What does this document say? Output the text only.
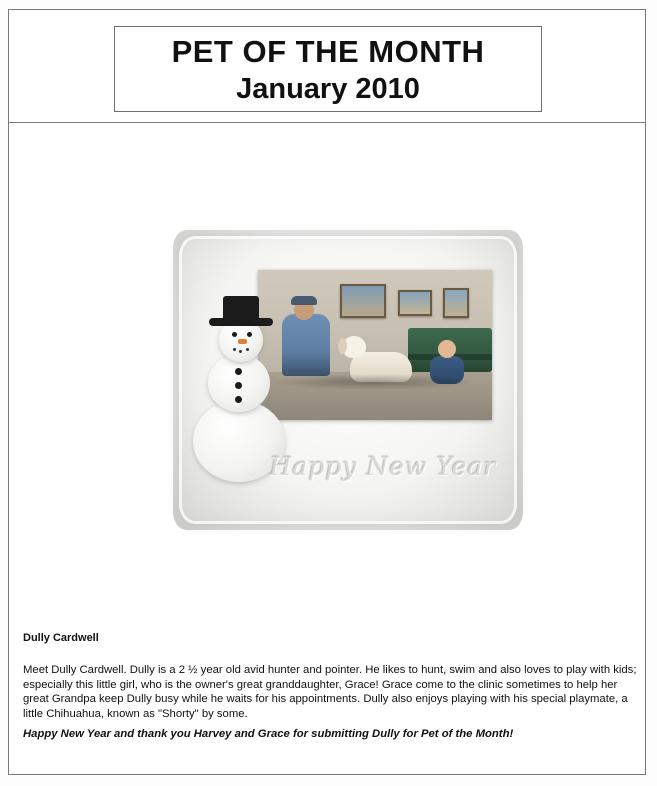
PET OF THE MONTH
January 2010
Happy New Year
Dully Cardwell
Meet Dully Cardwell. Dully is a 2 ½ year old avid hunter and pointer. He likes to hunt, swim and also loves to play with kids; especially this little girl, who is the owner's great granddaughter, Grace! Grace come to the clinic sometimes to help her great Grandpa keep Dully busy while he waits for his appointments. Dully also enjoys playing with his special playmate, a little Chihuahua, known as "Shorty" by some.
Happy New Year and thank you Harvey and Grace for submitting Dully for Pet of the Month!
